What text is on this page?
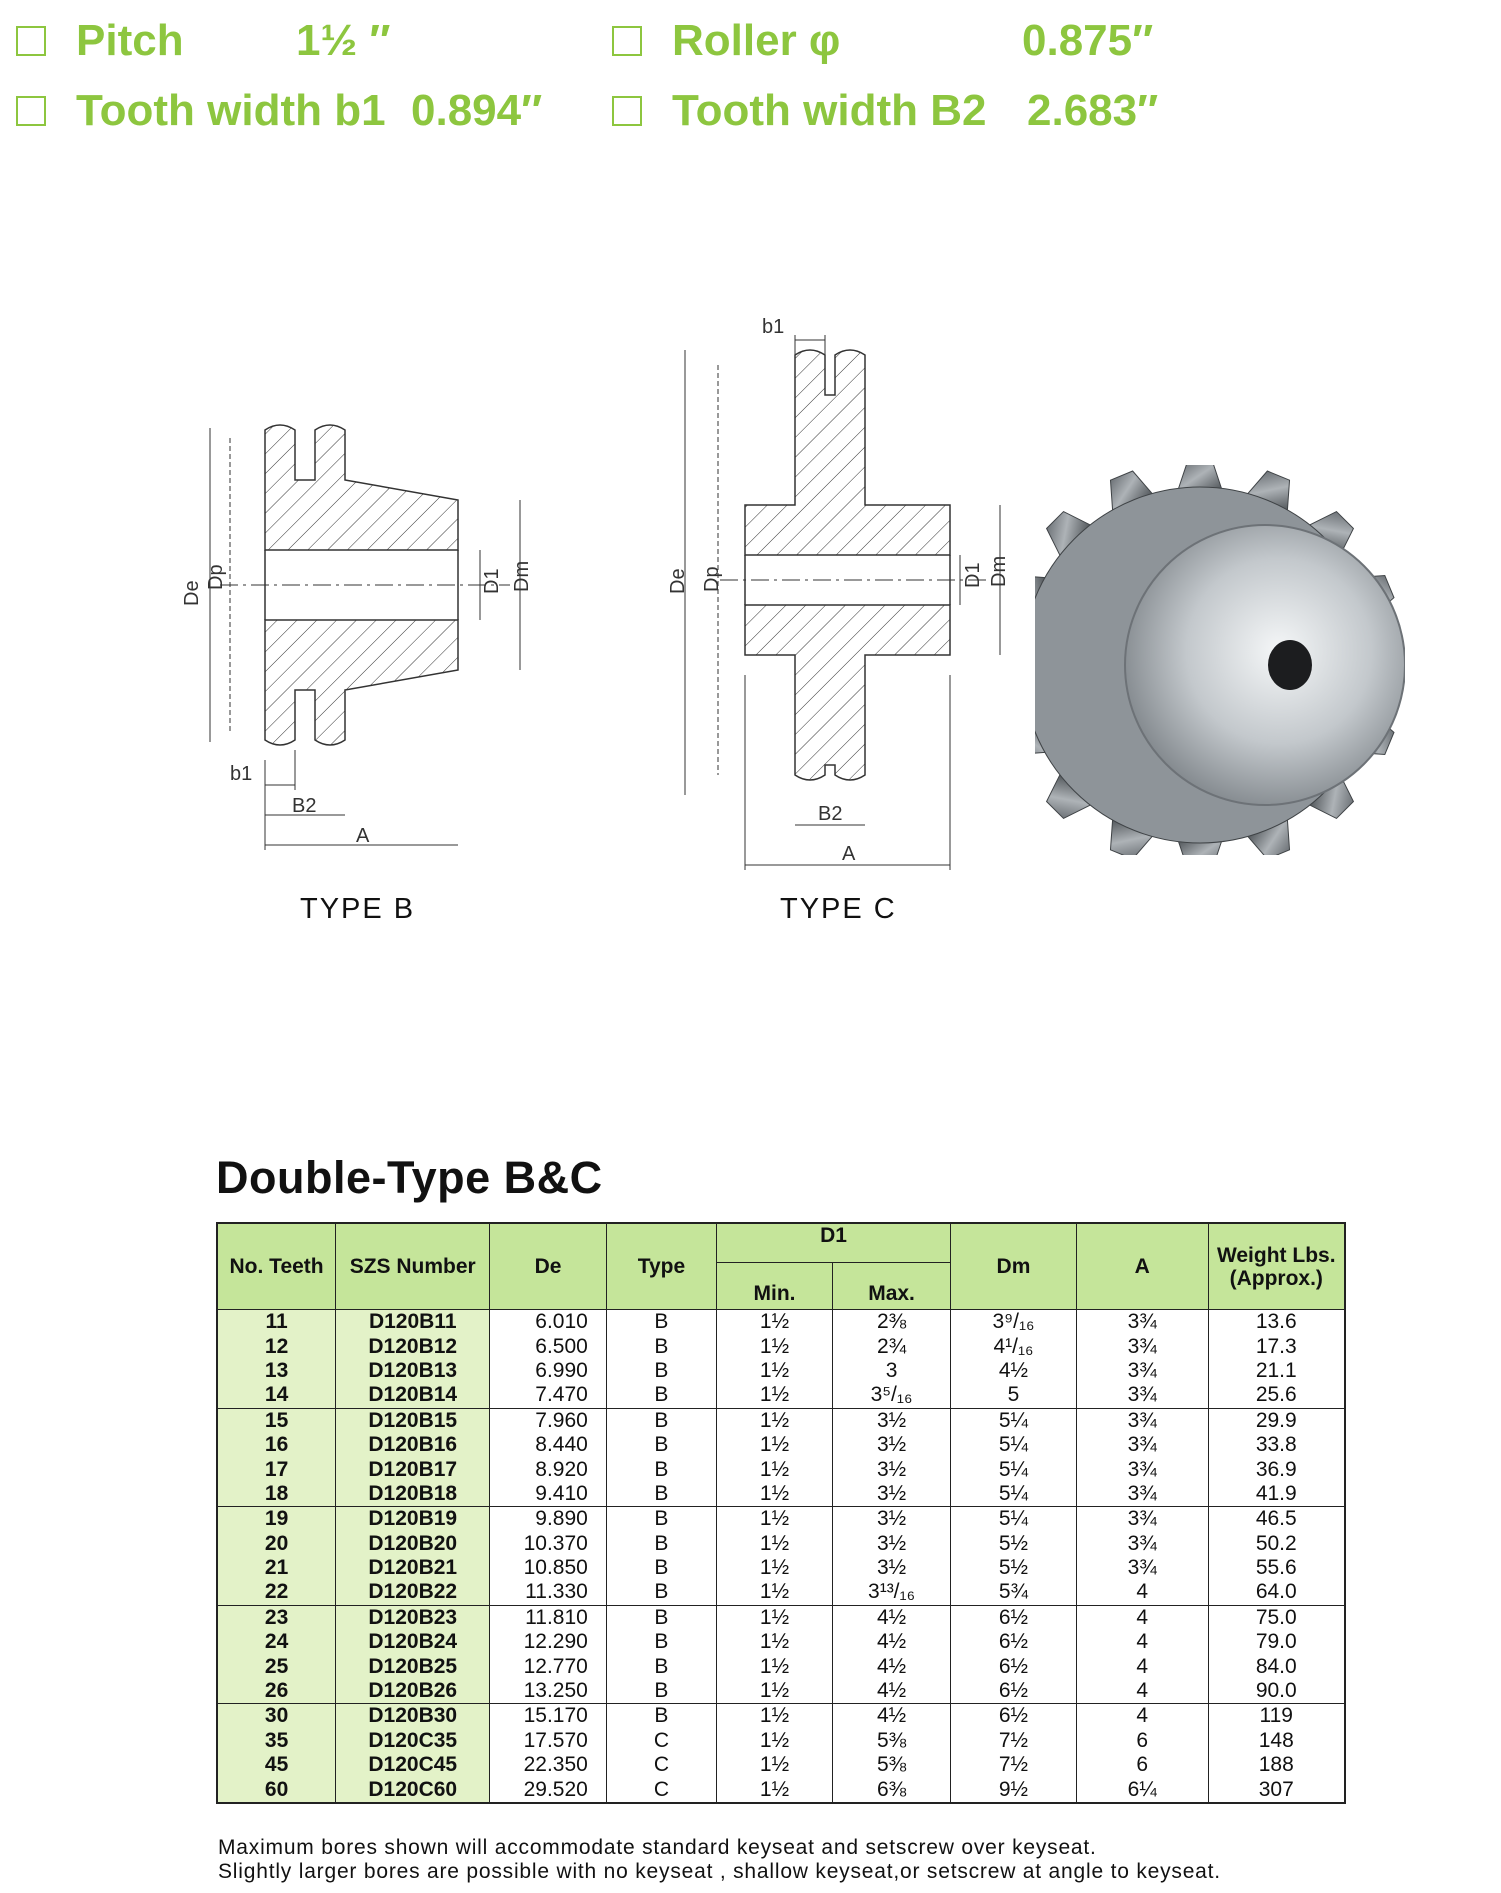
Pitch	1½ ″	Roller φ	0.875″
Tooth width b1 0.894″	Tooth width B2 2.683″
De
Dp	D1 Dm
b1
B2
A
TYPE B
b1
De Dp	D1 Dm
B2
A
TYPE C
Double-Type B&C
No. Teeth	SZS Number	De	Type	D1		Dm	A	Weight Lbs. (Approx.)
				Min.	Max.			
11	D120B11	6.010	B	1½	2⅜	3⁹/₁₆	3¾	13.6
12	D120B12	6.500	B	1½	2¾	4¹/₁₆	3¾	17.3
13	D120B13	6.990	B	1½	3	4½	3¾	21.1
14	D120B14	7.470	B	1½	3⁵/₁₆	5	3¾	25.6
15	D120B15	7.960	B	1½	3½	5¼	3¾	29.9
16	D120B16	8.440	B	1½	3½	5¼	3¾	33.8
17	D120B17	8.920	B	1½	3½	5¼	3¾	36.9
18	D120B18	9.410	B	1½	3½	5¼	3¾	41.9
19	D120B19	9.890	B	1½	3½	5¼	3¾	46.5
20	D120B20	10.370	B	1½	3½	5½	3¾	50.2
21	D120B21	10.850	B	1½	3½	5½	3¾	55.6
22	D120B22	11.330	B	1½	3¹³/₁₆	5¾	4	64.0
23	D120B23	11.810	B	1½	4½	6½	4	75.0
24	D120B24	12.290	B	1½	4½	6½	4	79.0
25	D120B25	12.770	B	1½	4½	6½	4	84.0
26	D120B26	13.250	B	1½	4½	6½	4	90.0
30	D120B30	15.170	B	1½	4½	6½	4	119
35	D120C35	17.570	C	1½	5⅜	7½	6	148
45	D120C45	22.350	C	1½	5⅜	7½	6	188
60	D120C60	29.520	C	1½	6⅜	9½	6¼	307
Maximum bores shown will accommodate standard keyseat and setscrew over keyseat.
Slightly larger bores are possible with no keyseat , shallow keyseat,or setscrew at angle to keyseat.
